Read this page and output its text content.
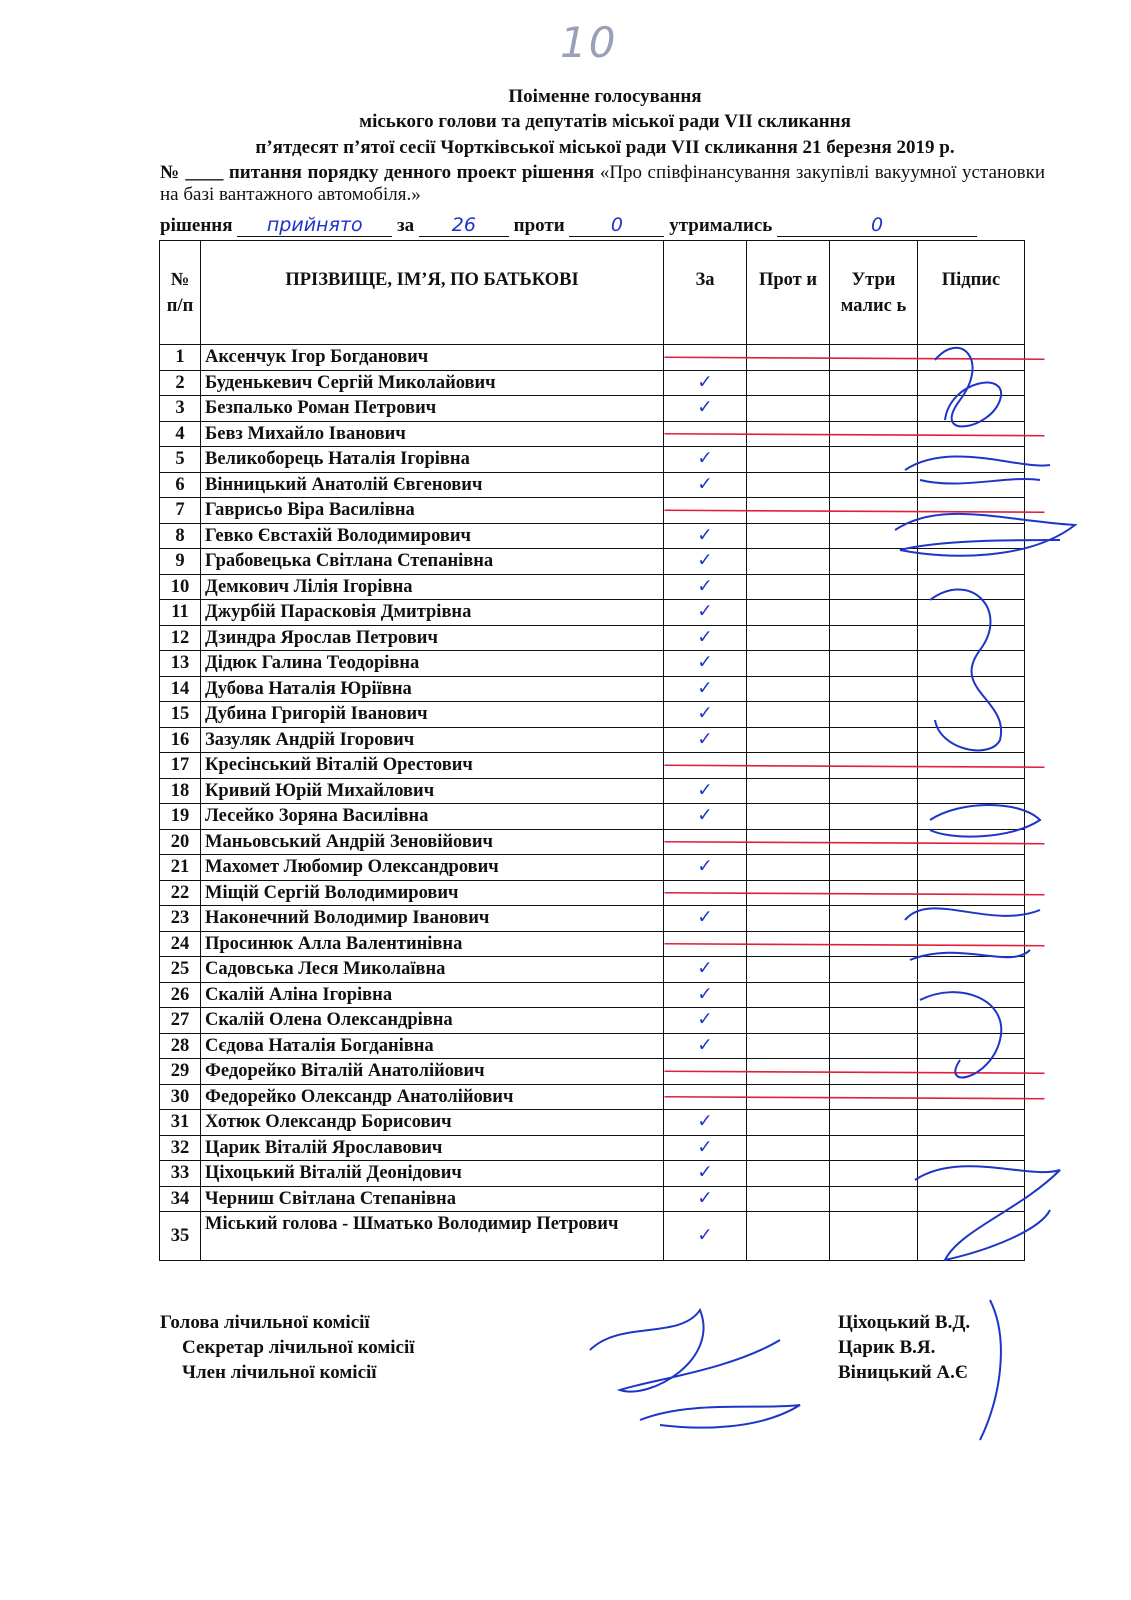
10
Поіменне голосування
міського голови та депутатів міської ради VII скликання
п’ятдесят п’ятої сесії Чортківської міської ради VII скликання 21 березня 2019 р.
№ ____ питання порядку денного проект рішення «Про співфінансування закупівлі вакуумної установки на базі вантажного автомобіля.»
рішення прийнято за 26 проти 0 утримались	0
№ п/п	ПРІЗВИЩЕ, ІМ’Я, ПО БАТЬКОВІ	За	Прот и	Утри малис ь	Підпис
1	Аксенчук Ігор Богданович				
2	Буденькевич Сергій Миколайович	✓			
3	Безпалько Роман Петрович	✓			
4	Бевз Михайло Іванович				
5	Великоборець Наталія Ігорівна	✓			
6	Вінницький Анатолій Євгенович	✓			
7	Гаврисьо Віра Василівна				
8	Гевко Євстахій Володимирович	✓			
9	Грабовецька Світлана Степанівна	✓			
10	Демкович Лілія Ігорівна	✓			
11	Джурбій Парасковія Дмитрівна	✓			
12	Дзиндра Ярослав Петрович	✓			
13	Дідюк Галина Теодорівна	✓			
14	Дубова Наталія Юріївна	✓			
15	Дубина Григорій Іванович	✓			
16	Зазуляк Андрій Ігорович	✓			
17	Кресінський Віталій Орестович				
18	Кривий Юрій Михайлович	✓			
19	Лесейко Зоряна Василівна	✓			
20	Маньовський Андрій Зеновійович				
21	Махомет Любомир Олександрович	✓			
22	Міщій Сергій Володимирович				
23	Наконечний Володимир Іванович	✓			
24	Просинюк Алла Валентинівна				
25	Садовська Леся Миколаївна	✓			
26	Скалій Аліна Ігорівна	✓			
27	Скалій Олена Олександрівна	✓			
28	Сєдова Наталія Богданівна	✓			
29	Федорейко Віталій Анатолійович				
30	Федорейко Олександр Анатолійович				
31	Хотюк Олександр Борисович	✓			
32	Царик Віталій Ярославович	✓			
33	Ціхоцький Віталій Деонідович	✓			
34	Черниш Світлана Степанівна	✓			
35	Міський голова - Шматько Володимир Петрович	✓			
Голова лічильної комісії	Ціхоцький В.Д.
Секретар лічильної комісії	Царик В.Я.
Член лічильної комісії	Віницький А.Є
